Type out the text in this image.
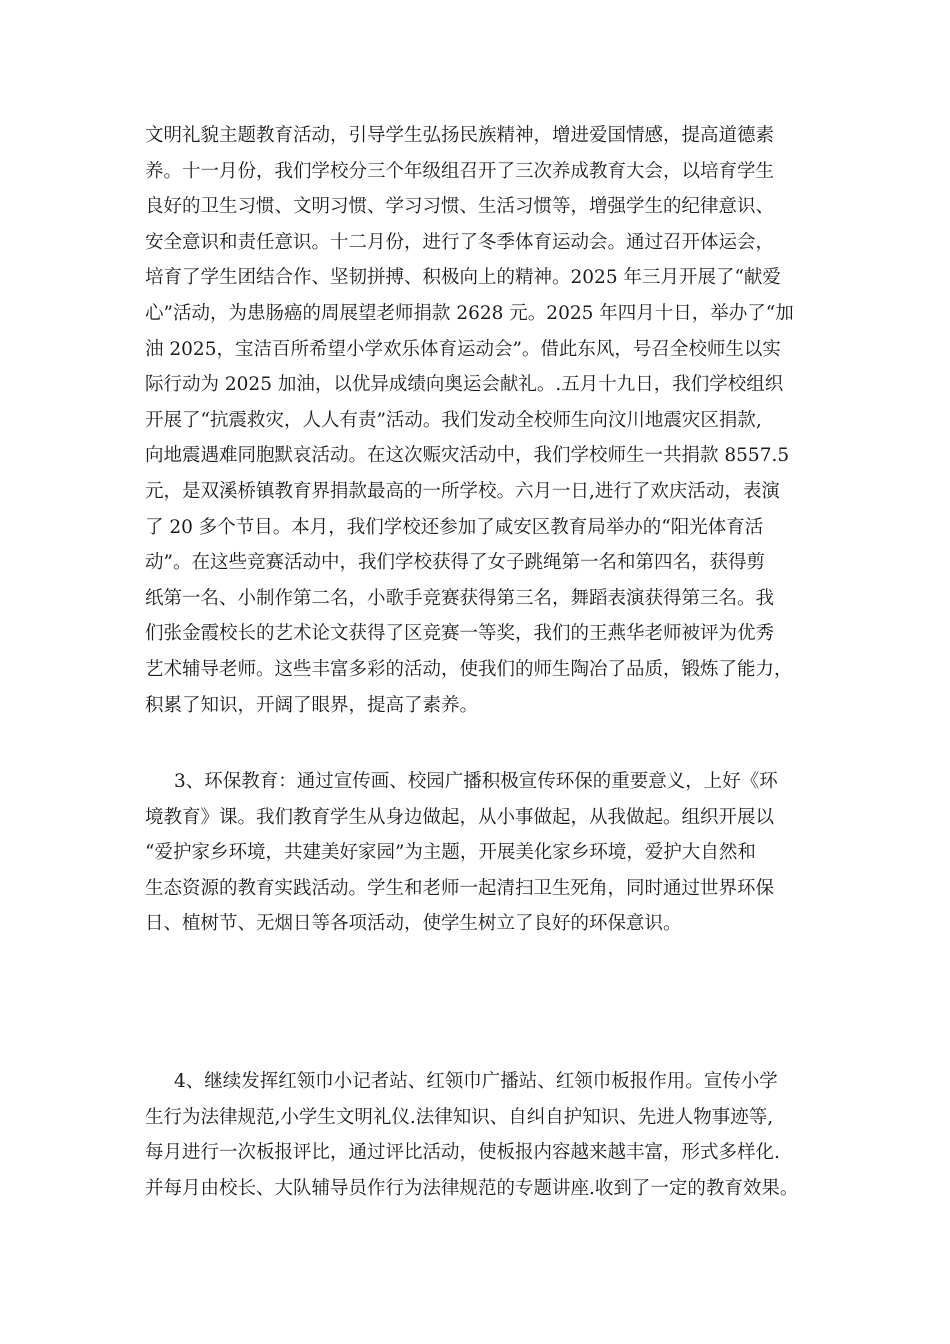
文明礼貌主题教育活动，引导学生弘扬民族精神，增进爱国情感，提高道德素
养。十一月份，我们学校分三个年级组召开了三次养成教育大会，以培育学生
良好的卫生习惯、文明习惯、学习习惯、生活习惯等，增强学生的纪律意识、
安全意识和责任意识。十二月份，进行了冬季体育运动会。通过召开体运会，
培育了学生团结合作、坚韧拼搏、积极向上的精神。2025 年三月开展了“献爱
心”活动，为患肠癌的周展望老师捐款 2628 元。2025 年四月十日，举办了“加
油 2025，宝洁百所希望小学欢乐体育运动会”。借此东风，号召全校师生以实
际行动为 2025 加油，以优异成绩向奥运会献礼。.五月十九日，我们学校组织
开展了“抗震救灾，人人有责”活动。我们发动全校师生向汶川地震灾区捐款,
向地震遇难同胞默哀活动。在这次赈灾活动中，我们学校师生一共捐款 8557.5
元，是双溪桥镇教育界捐款最高的一所学校。六月一日,进行了欢庆活动，表演
了 20 多个节目。本月，我们学校还参加了咸安区教育局举办的“阳光体育活
动”。在这些竞赛活动中，我们学校获得了女子跳绳第一名和第四名，获得剪
纸第一名、小制作第二名，小歌手竞赛获得第三名，舞蹈表演获得第三名。我
们张金霞校长的艺术论文获得了区竞赛一等奖，我们的王燕华老师被评为优秀
艺术辅导老师。这些丰富多彩的活动，使我们的师生陶冶了品质，锻炼了能力，
积累了知识，开阔了眼界，提高了素养。
3、环保教育：通过宣传画、校园广播积极宣传环保的重要意义，上好《环
境教育》课。我们教育学生从身边做起，从小事做起，从我做起。组织开展以
“爱护家乡环境，共建美好家园”为主题，开展美化家乡环境，爱护大自然和
生态资源的教育实践活动。学生和老师一起清扫卫生死角，同时通过世界环保
日、植树节、无烟日等各项活动，使学生树立了良好的环保意识。
4、继续发挥红领巾小记者站、红领巾广播站、红领巾板报作用。宣传小学
生行为法律规范,小学生文明礼仪.法律知识、自纠自护知识、先进人物事迹等,
每月进行一次板报评比，通过评比活动，使板报内容越来越丰富，形式多样化.
并每月由校长、大队辅导员作行为法律规范的专题讲座.收到了一定的教育效果。
